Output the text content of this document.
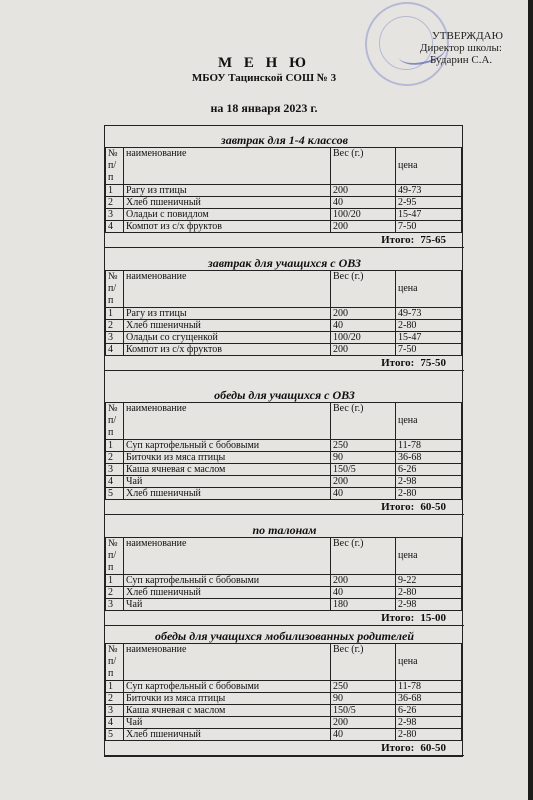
УТВЕРЖДАЮ
Директор школы:
Бударин С.А.
М Е Н Ю
МБОУ Тацинской СОШ № 3
на 18 января 2023 г.
завтрак для 1-4 классов
№ п/п	наименование	Вес (г.)	цена
1	Рагу из птицы	200	49-73
2	Хлеб пшеничный	40	2-95
3	Оладьи с повидлом	100/20	15-47
4	Компот из с/х фруктов	200	7-50
Итого: 75-65
завтрак для учащихся с ОВЗ
№ п/п	наименование	Вес (г.)	цена
1	Рагу из птицы	200	49-73
2	Хлеб пшеничный	40	2-80
3	Оладьи со сгущенкой	100/20	15-47
4	Компот из с/х фруктов	200	7-50
Итого: 75-50
обеды для учащихся с ОВЗ
№ п/п	наименование	Вес (г.)	цена
1	Суп картофельный с бобовыми	250	11-78
2	Биточки из мяса птицы	90	36-68
3	Каша ячневая с маслом	150/5	6-26
4	Чай	200	2-98
5	Хлеб пшеничный	40	2-80
Итого: 60-50
по талонам
№ п/п	наименование	Вес (г.)	цена
1	Суп картофельный с бобовыми	200	9-22
2	Хлеб пшеничный	40	2-80
3	Чай	180	2-98
Итого: 15-00
обеды для учащихся мобилизованных родителей
№ п/п	наименование	Вес (г.)	цена
1	Суп картофельный с бобовыми	250	11-78
2	Биточки из мяса птицы	90	36-68
3	Каша ячневая с маслом	150/5	6-26
4	Чай	200	2-98
5	Хлеб пшеничный	40	2-80
Итого: 60-50
